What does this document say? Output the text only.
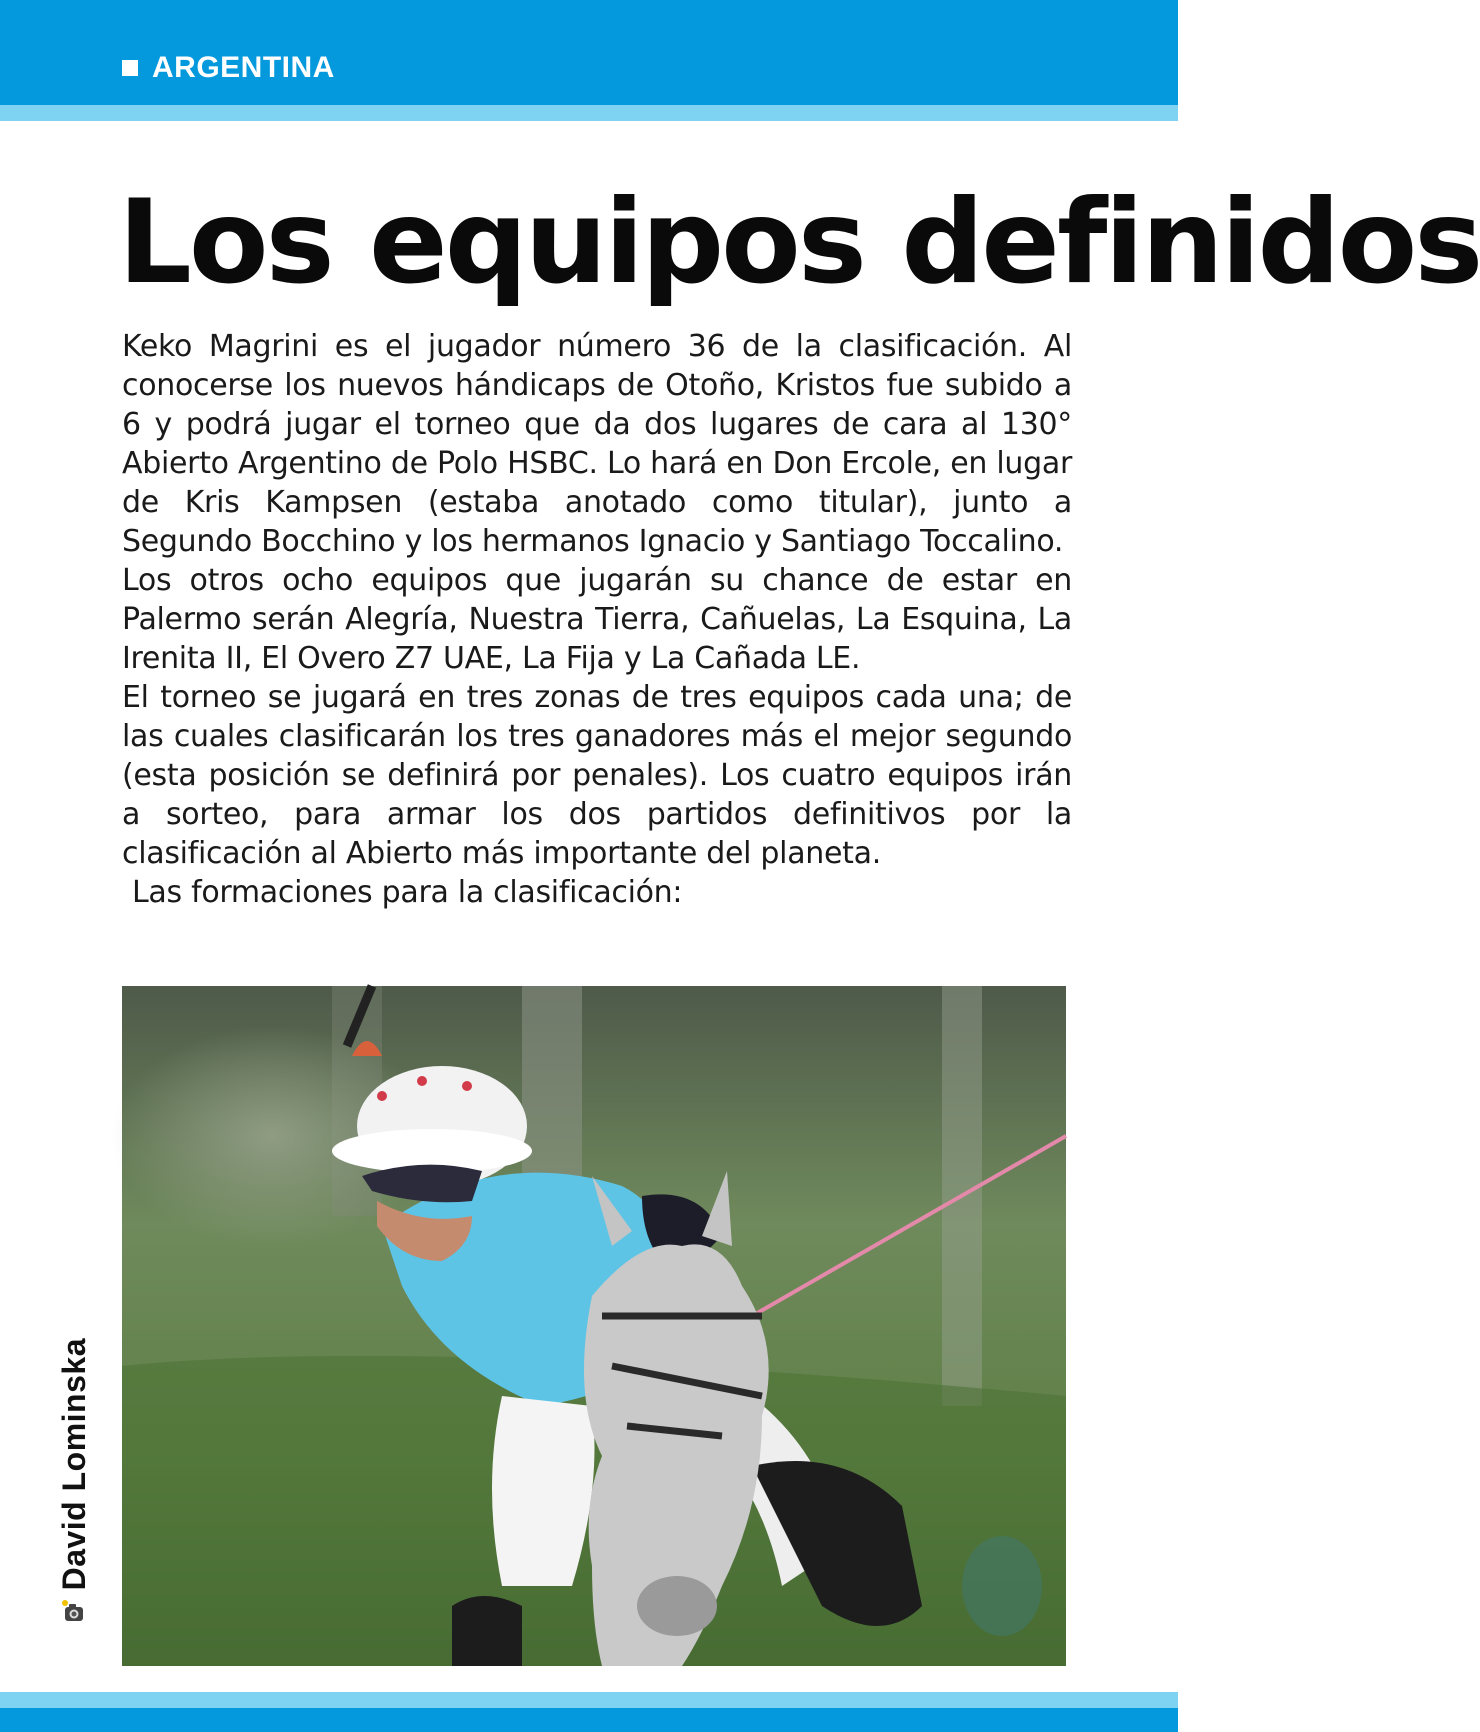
ARGENTINA
Los equipos definidos

Keko Magrini es el jugador número 36 de la clasificación. Al conocerse los nuevos hándicaps de Otoño, Kristos fue subido a 6 y podrá jugar el torneo que da dos lugares de cara al 130° Abierto Argentino de Polo HSBC. Lo hará en Don Ercole, en lugar de Kris Kampsen (estaba anotado como titular), junto a Segundo Bocchino y los hermanos Ignacio y Santiago Toccalino.

Los otros ocho equipos que jugarán su chance de estar en Palermo serán Alegría, Nuestra Tierra, Cañuelas, La Esquina, La Irenita II, El Overo Z7 UAE, La Fija y La Cañada LE.

El torneo se jugará en tres zonas de tres equipos cada una; de las cuales clasificarán los tres ganadores más el mejor segundo (esta posición se definirá por penales). Los cuatro equipos irán a sorteo, para armar los dos partidos definitivos por la clasificación al Abierto más importante del planeta.

Las formaciones para la clasificación:

David Lominska
